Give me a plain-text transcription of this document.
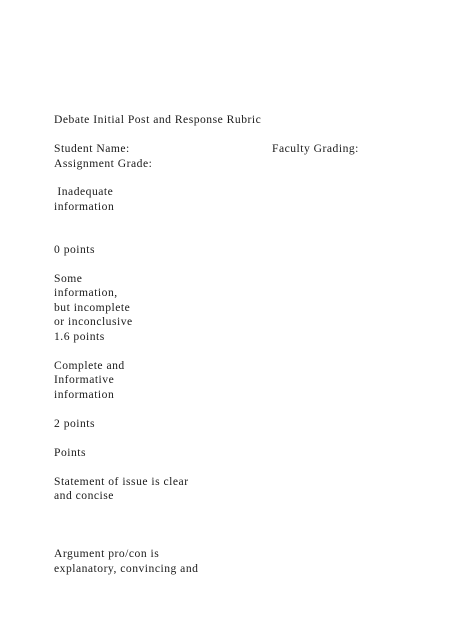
Debate Initial Post and Response Rubric
Student Name:	Faculty Grading:
Assignment Grade:
Inadequate
information
0 points
Some
information,
but incomplete
or inconclusive
1.6 points
Complete and
Informative
information
2 points
Points
Statement of issue is clear
and concise
Argument pro/con is
explanatory, convincing and
